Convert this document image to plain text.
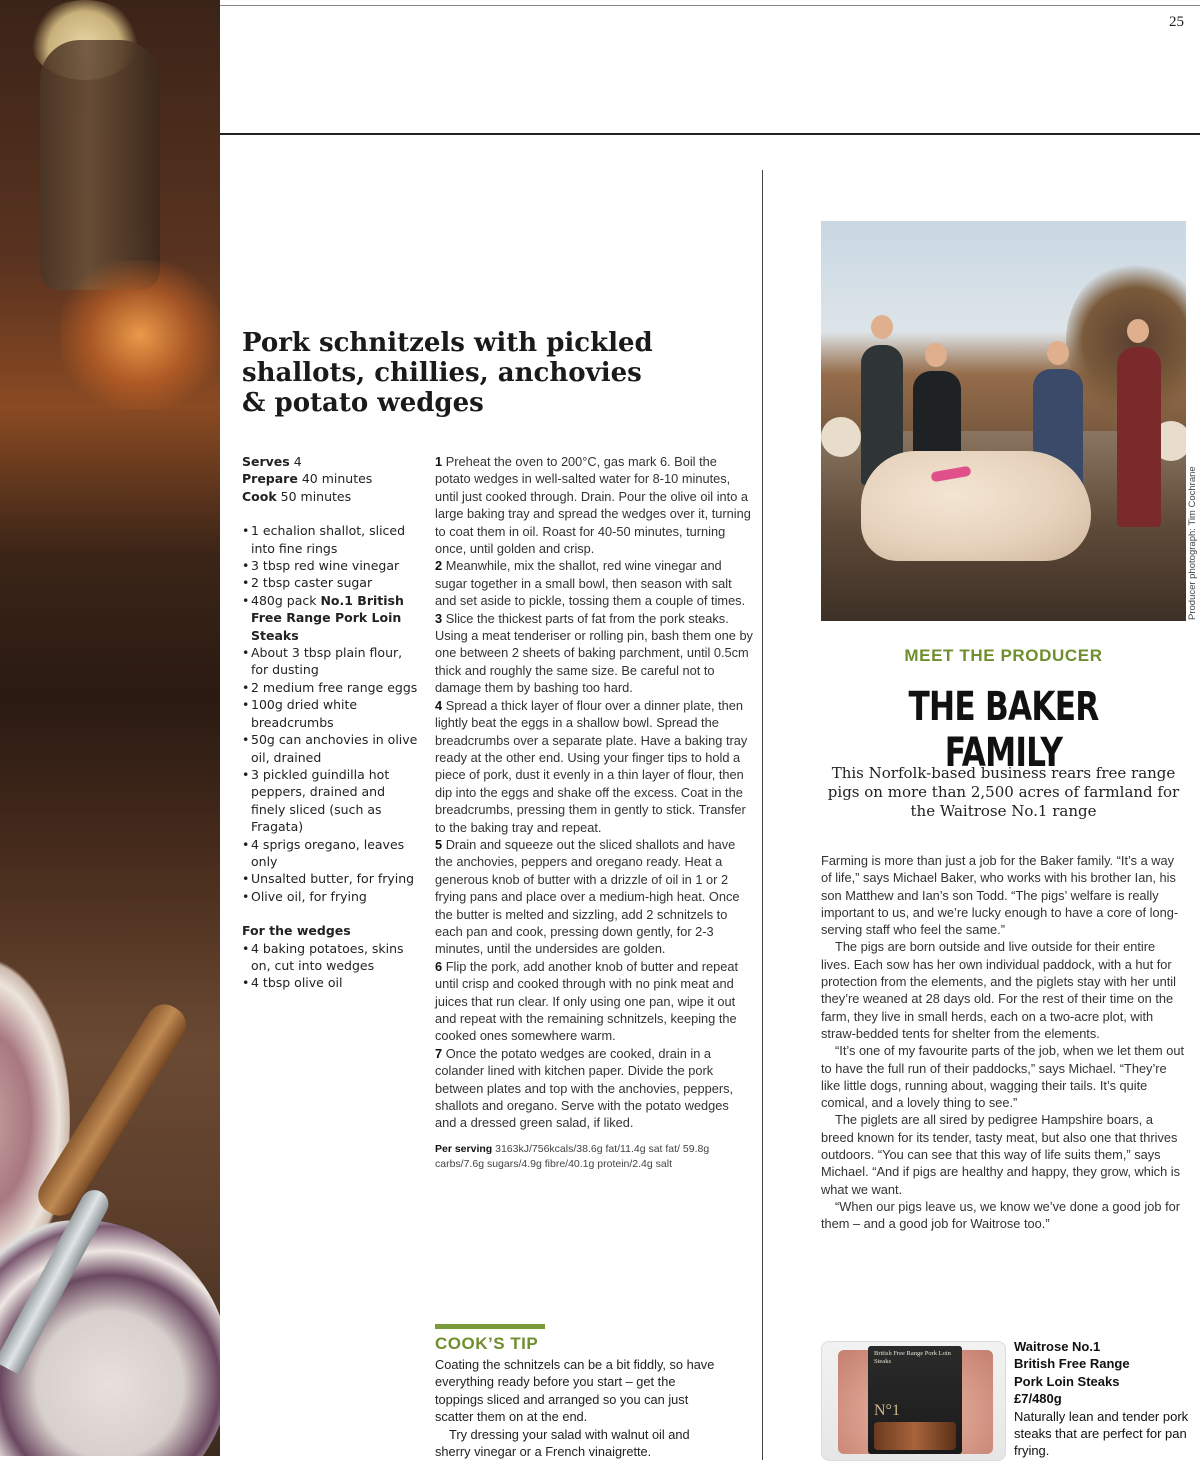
25
Pork schnitzels with pickled
shallots, chillies, anchovies
& potato wedges
Serves 4
Prepare 40 minutes
Cook 50 minutes
• 1 echalion shallot, sliced into fine rings
• 3 tbsp red wine vinegar
• 2 tbsp caster sugar
• 480g pack No.1 British Free Range Pork Loin Steaks
• About 3 tbsp plain flour, for dusting
• 2 medium free range eggs
• 100g dried white breadcrumbs
• 50g can anchovies in olive oil, drained
• 3 pickled guindilla hot peppers, drained and finely sliced (such as Fragata)
• 4 sprigs oregano, leaves only
• Unsalted butter, for frying
• Olive oil, for frying
For the wedges
• 4 baking potatoes, skins on, cut into wedges
• 4 tbsp olive oil

1 Preheat the oven to 200°C, gas mark 6. Boil the potato wedges in well-salted water for 8-10 minutes, until just cooked through. Drain. Pour the olive oil into a large baking tray and spread the wedges over it, turning to coat them in oil. Roast for 40-50 minutes, turning once, until golden and crisp.

2 Meanwhile, mix the shallot, red wine vinegar and sugar together in a small bowl, then season with salt and set aside to pickle, tossing them a couple of times.

3 Slice the thickest parts of fat from the pork steaks. Using a meat tenderiser or rolling pin, bash them one by one between 2 sheets of baking parchment, until 0.5cm thick and roughly the same size. Be careful not to damage them by bashing too hard.

4 Spread a thick layer of flour over a dinner plate, then lightly beat the eggs in a shallow bowl. Spread the breadcrumbs over a separate plate. Have a baking tray ready at the other end. Using your finger tips to hold a piece of pork, dust it evenly in a thin layer of flour, then dip into the eggs and shake off the excess. Coat in the breadcrumbs, pressing them in gently to stick. Transfer to the baking tray and repeat.

5 Drain and squeeze out the sliced shallots and have the anchovies, peppers and oregano ready. Heat a generous knob of butter with a drizzle of oil in 1 or 2 frying pans and place over a medium-high heat. Once the butter is melted and sizzling, add 2 schnitzels to each pan and cook, pressing down gently, for 2-3 minutes, until the undersides are golden.

6 Flip the pork, add another knob of butter and repeat until crisp and cooked through with no pink meat and juices that run clear. If only using one pan, wipe it out and repeat with the remaining schnitzels, keeping the cooked ones somewhere warm.

7 Once the potato wedges are cooked, drain in a colander lined with kitchen paper. Divide the pork between plates and top with the anchovies, peppers, shallots and oregano. Serve with the potato wedges and a dressed green salad, if liked.

Per serving 3163kJ/756kcals/38.6g fat/11.4g sat fat/ 59.8g carbs/7.6g sugars/4.9g fibre/40.1g protein/2.4g salt
COOK’S TIP

Coating the schnitzels can be a bit fiddly, so have everything ready before you start – get the toppings sliced and arranged so you can just scatter them on at the end.

Try dressing your salad with walnut oil and sherry vinegar or a French vinaigrette.

Producer photograph: Tim Cochrane
MEET THE PRODUCER
THE BAKER FAMILY
This Norfolk-based business rears free range pigs on more than 2,500 acres of farmland for the Waitrose No.1 range

Farming is more than just a job for the Baker family. “It’s a way of life,” says Michael Baker, who works with his brother Ian, his son Matthew and Ian’s son Todd. “The pigs’ welfare is really important to us, and we’re lucky enough to have a core of long-serving staff who feel the same.”

The pigs are born outside and live outside for their entire lives. Each sow has her own individual paddock, with a hut for protection from the elements, and the piglets stay with her until they’re weaned at 28 days old. For the rest of their time on the farm, they live in small herds, each on a two-acre plot, with straw-bedded tents for shelter from the elements.

“It’s one of my favourite parts of the job, when we let them out to have the full run of their paddocks,” says Michael. “They’re like little dogs, running about, wagging their tails. It’s quite comical, and a lovely thing to see.”

The piglets are all sired by pedigree Hampshire boars, a breed known for its tender, tasty meat, but also one that thrives outdoors. “You can see that this way of life suits them,” says Michael. “And if pigs are healthy and happy, they grow, which is what we want.

“When our pigs leave us, we know we’ve done a good job for them – and a good job for Waitrose too.”

British Free Range Pork Loin Steaks
N°1
Waitrose No.1
British Free Range
Pork Loin Steaks
£7/480g
Naturally lean and tender pork steaks that are perfect for pan frying.
